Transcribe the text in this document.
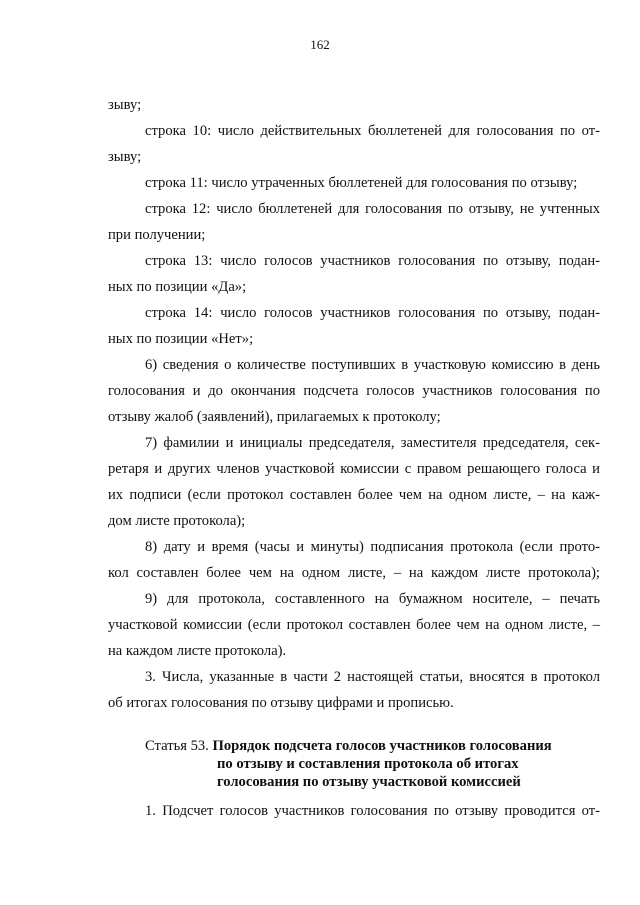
162
зыву;
строка 10: число действительных бюллетеней для голосования по от-
зыву;
строка 11: число утраченных бюллетеней для голосования по отзыву;
строка 12: число бюллетеней для голосования по отзыву, не учтенных
при получении;
строка 13: число голосов участников голосования по отзыву, подан-
ных по позиции «Да»;
строка 14: число голосов участников голосования по отзыву, подан-
ных по позиции «Нет»;
6) сведения о количестве поступивших в участковую комиссию в день
голосования и до окончания подсчета голосов участников голосования по
отзыву жалоб (заявлений), прилагаемых к протоколу;
7) фамилии и инициалы председателя, заместителя председателя, сек-
ретаря и других членов участковой комиссии с правом решающего голоса и
их подписи (если протокол составлен более чем на одном листе, – на каж-
дом листе протокола);
8) дату и время (часы и минуты) подписания протокола (если прото-
кол составлен более чем на одном листе, – на каждом листе протокола);
9) для протокола, составленного на бумажном носителе, – печать
участковой комиссии (если протокол составлен более чем на одном листе, –
на каждом листе протокола).
3. Числа, указанные в части 2 настоящей статьи, вносятся в протокол
об итогах голосования по отзыву цифрами и прописью.
Статья 53. Порядок подсчета голосов участников голосования
по отзыву и составления протокола об итогах
голосования по отзыву участковой комиссией
1. Подсчет голосов участников голосования по отзыву проводится от-
